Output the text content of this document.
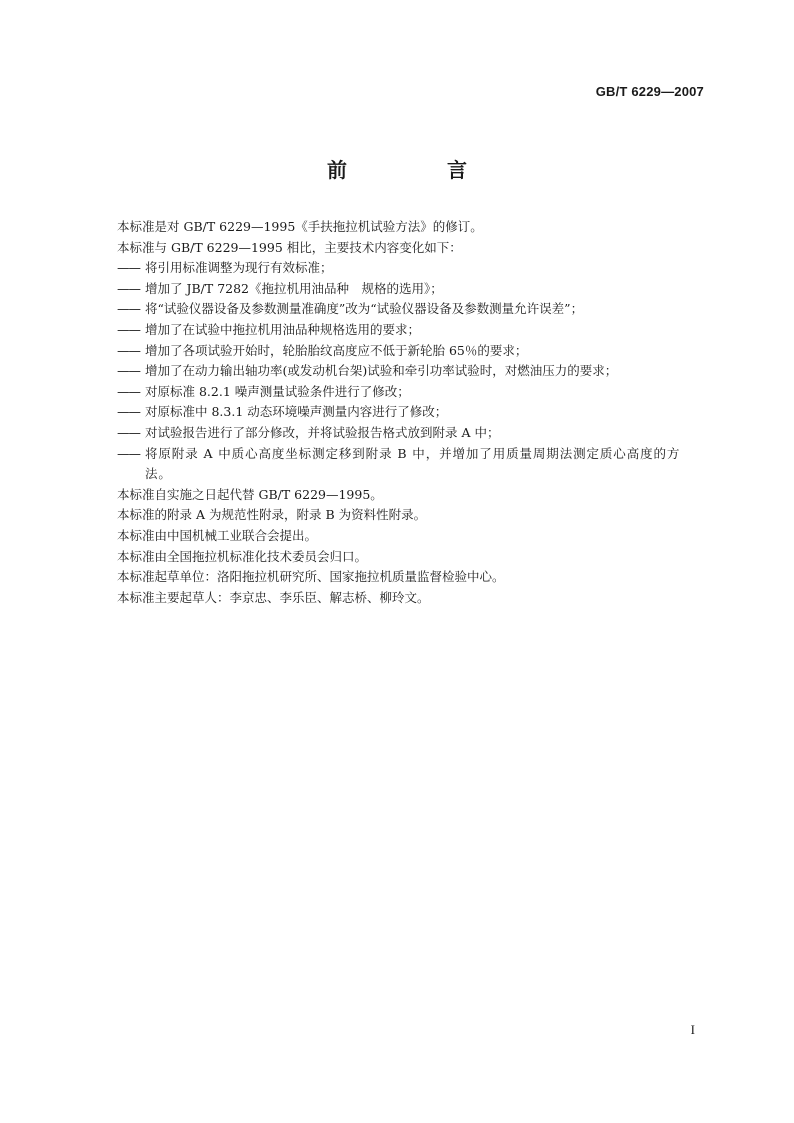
GB/T 6229—2007
前　言
本标准是对 GB/T 6229—1995《手扶拖拉机试验方法》的修订。
本标准与 GB/T 6229—1995 相比，主要技术内容变化如下：
—— 将引用标准调整为现行有效标准；
—— 增加了 JB/T 7282《拖拉机用油品种　规格的选用》；
—— 将“试验仪器设备及参数测量准确度”改为“试验仪器设备及参数测量允许误差”；
—— 增加了在试验中拖拉机用油品种规格选用的要求；
—— 增加了各项试验开始时，轮胎胎纹高度应不低于新轮胎 65％的要求；
—— 增加了在动力输出轴功率(或发动机台架)试验和牵引功率试验时，对燃油压力的要求；
—— 对原标准 8.2.1 噪声测量试验条件进行了修改；
—— 对原标准中 8.3.1 动态环境噪声测量内容进行了修改；
—— 对试验报告进行了部分修改，并将试验报告格式放到附录 A 中；
—— 将原附录 A 中质心高度坐标测定移到附录 B 中，并增加了用质量周期法测定质心高度的方法。
本标准自实施之日起代替 GB/T 6229—1995。
本标准的附录 A 为规范性附录，附录 B 为资料性附录。
本标准由中国机械工业联合会提出。
本标准由全国拖拉机标准化技术委员会归口。
本标准起草单位：洛阳拖拉机研究所、国家拖拉机质量监督检验中心。
本标准主要起草人：李京忠、李乐臣、解志桥、柳玲文。
I
